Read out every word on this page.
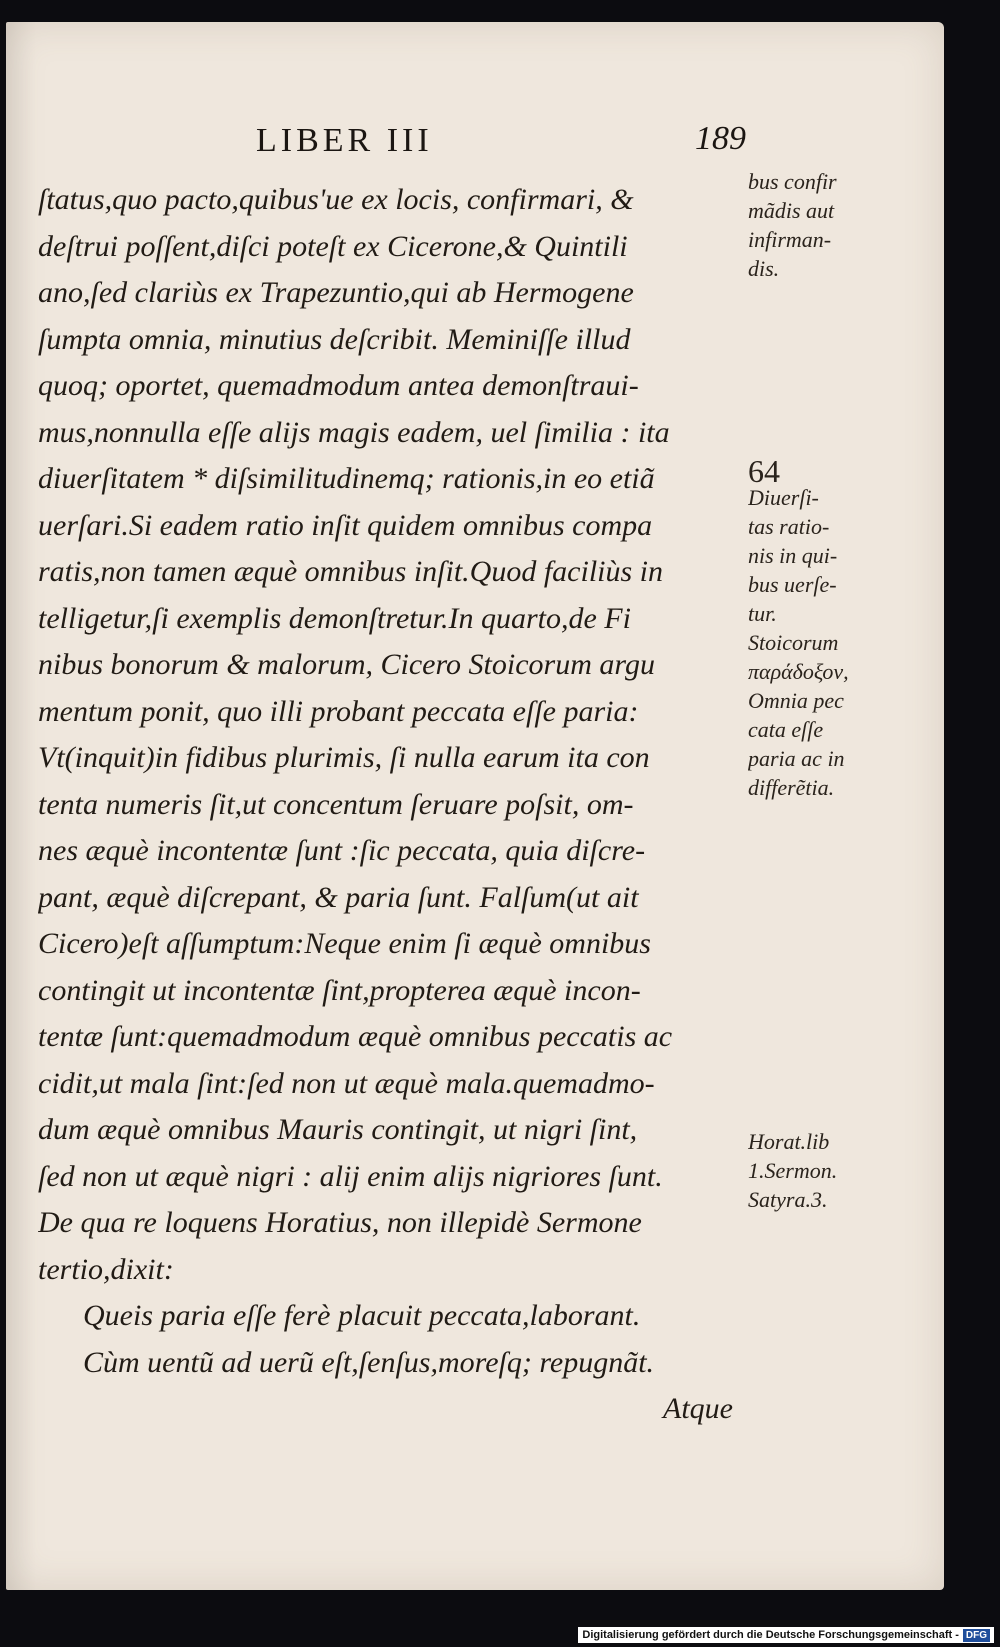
LIBER III	189
ſtatus,quo pacto,quibus'ue ex locis, confirmari, &
deſtrui poſſent,diſci poteſt ex Cicerone,& Quintili
ano,ſed clariùs ex Trapezuntio,qui ab Hermogene
ſumpta omnia, minutius deſcribit. Meminiſſe illud
quoq; oportet, quemadmodum antea demonſtraui-
mus,nonnulla eſſe aliјs magis eadem, uel ſimilia : ita
diuerſitatem * diſsimilitudinemq; rationis,in eo etiã
uerſari.Si eadem ratio inſit quidem omnibus compa
ratis,non tamen æquè omnibus inſit.Quod faciliùs in
telligetur,ſi exemplis demonſtretur.In quarto,de Fi
nibus bonorum & malorum, Cicero Stoicorum argu
mentum ponit, quo illi probant peccata eſſe paria:
Vt(inquit)in fidibus plurimis, ſi nulla earum ita con
tenta numeris ſit,ut concentum ſeruare poſsit, om-
nes æquè incontentæ ſunt :ſic peccata, quia diſcre-
pant, æquè diſcrepant, & paria ſunt. Falſum(ut ait
Cicero)eſt aſſumptum:Neque enim ſi æquè omnibus
contingit ut incontentæ ſint,propterea æquè incon-
tentæ ſunt:quemadmodum æquè omnibus peccatis ac
cidit,ut mala ſint:ſed non ut æquè mala.quemadmo-
dum æquè omnibus Mauris contingit, ut nigri ſint,
ſed non ut æquè nigri : aliј enim aliјs nigriores ſunt.
De qua re loquens Horatius, non illepidè Sermone
tertio,dixit:
Queis paria eſſe ferè placuit peccata,laborant.
Cùm uentũ ad uerũ eſt,ſenſus,moreſq; repugnãt.
Atque
bus confir
mãdis aut
infirman-
dis.
64
Diuerſi-
tas ratio-
nis in qui-
bus uerſe-
tur.
Stoicorum
παράδοξον,
Omnia pec
cata eſſe
paria ac in
differẽtia.
Horat.lib
1.Sermon.
Satyra.3.
Digitalisierung gefördert durch die Deutsche Forschungsgemeinschaft - DFG
